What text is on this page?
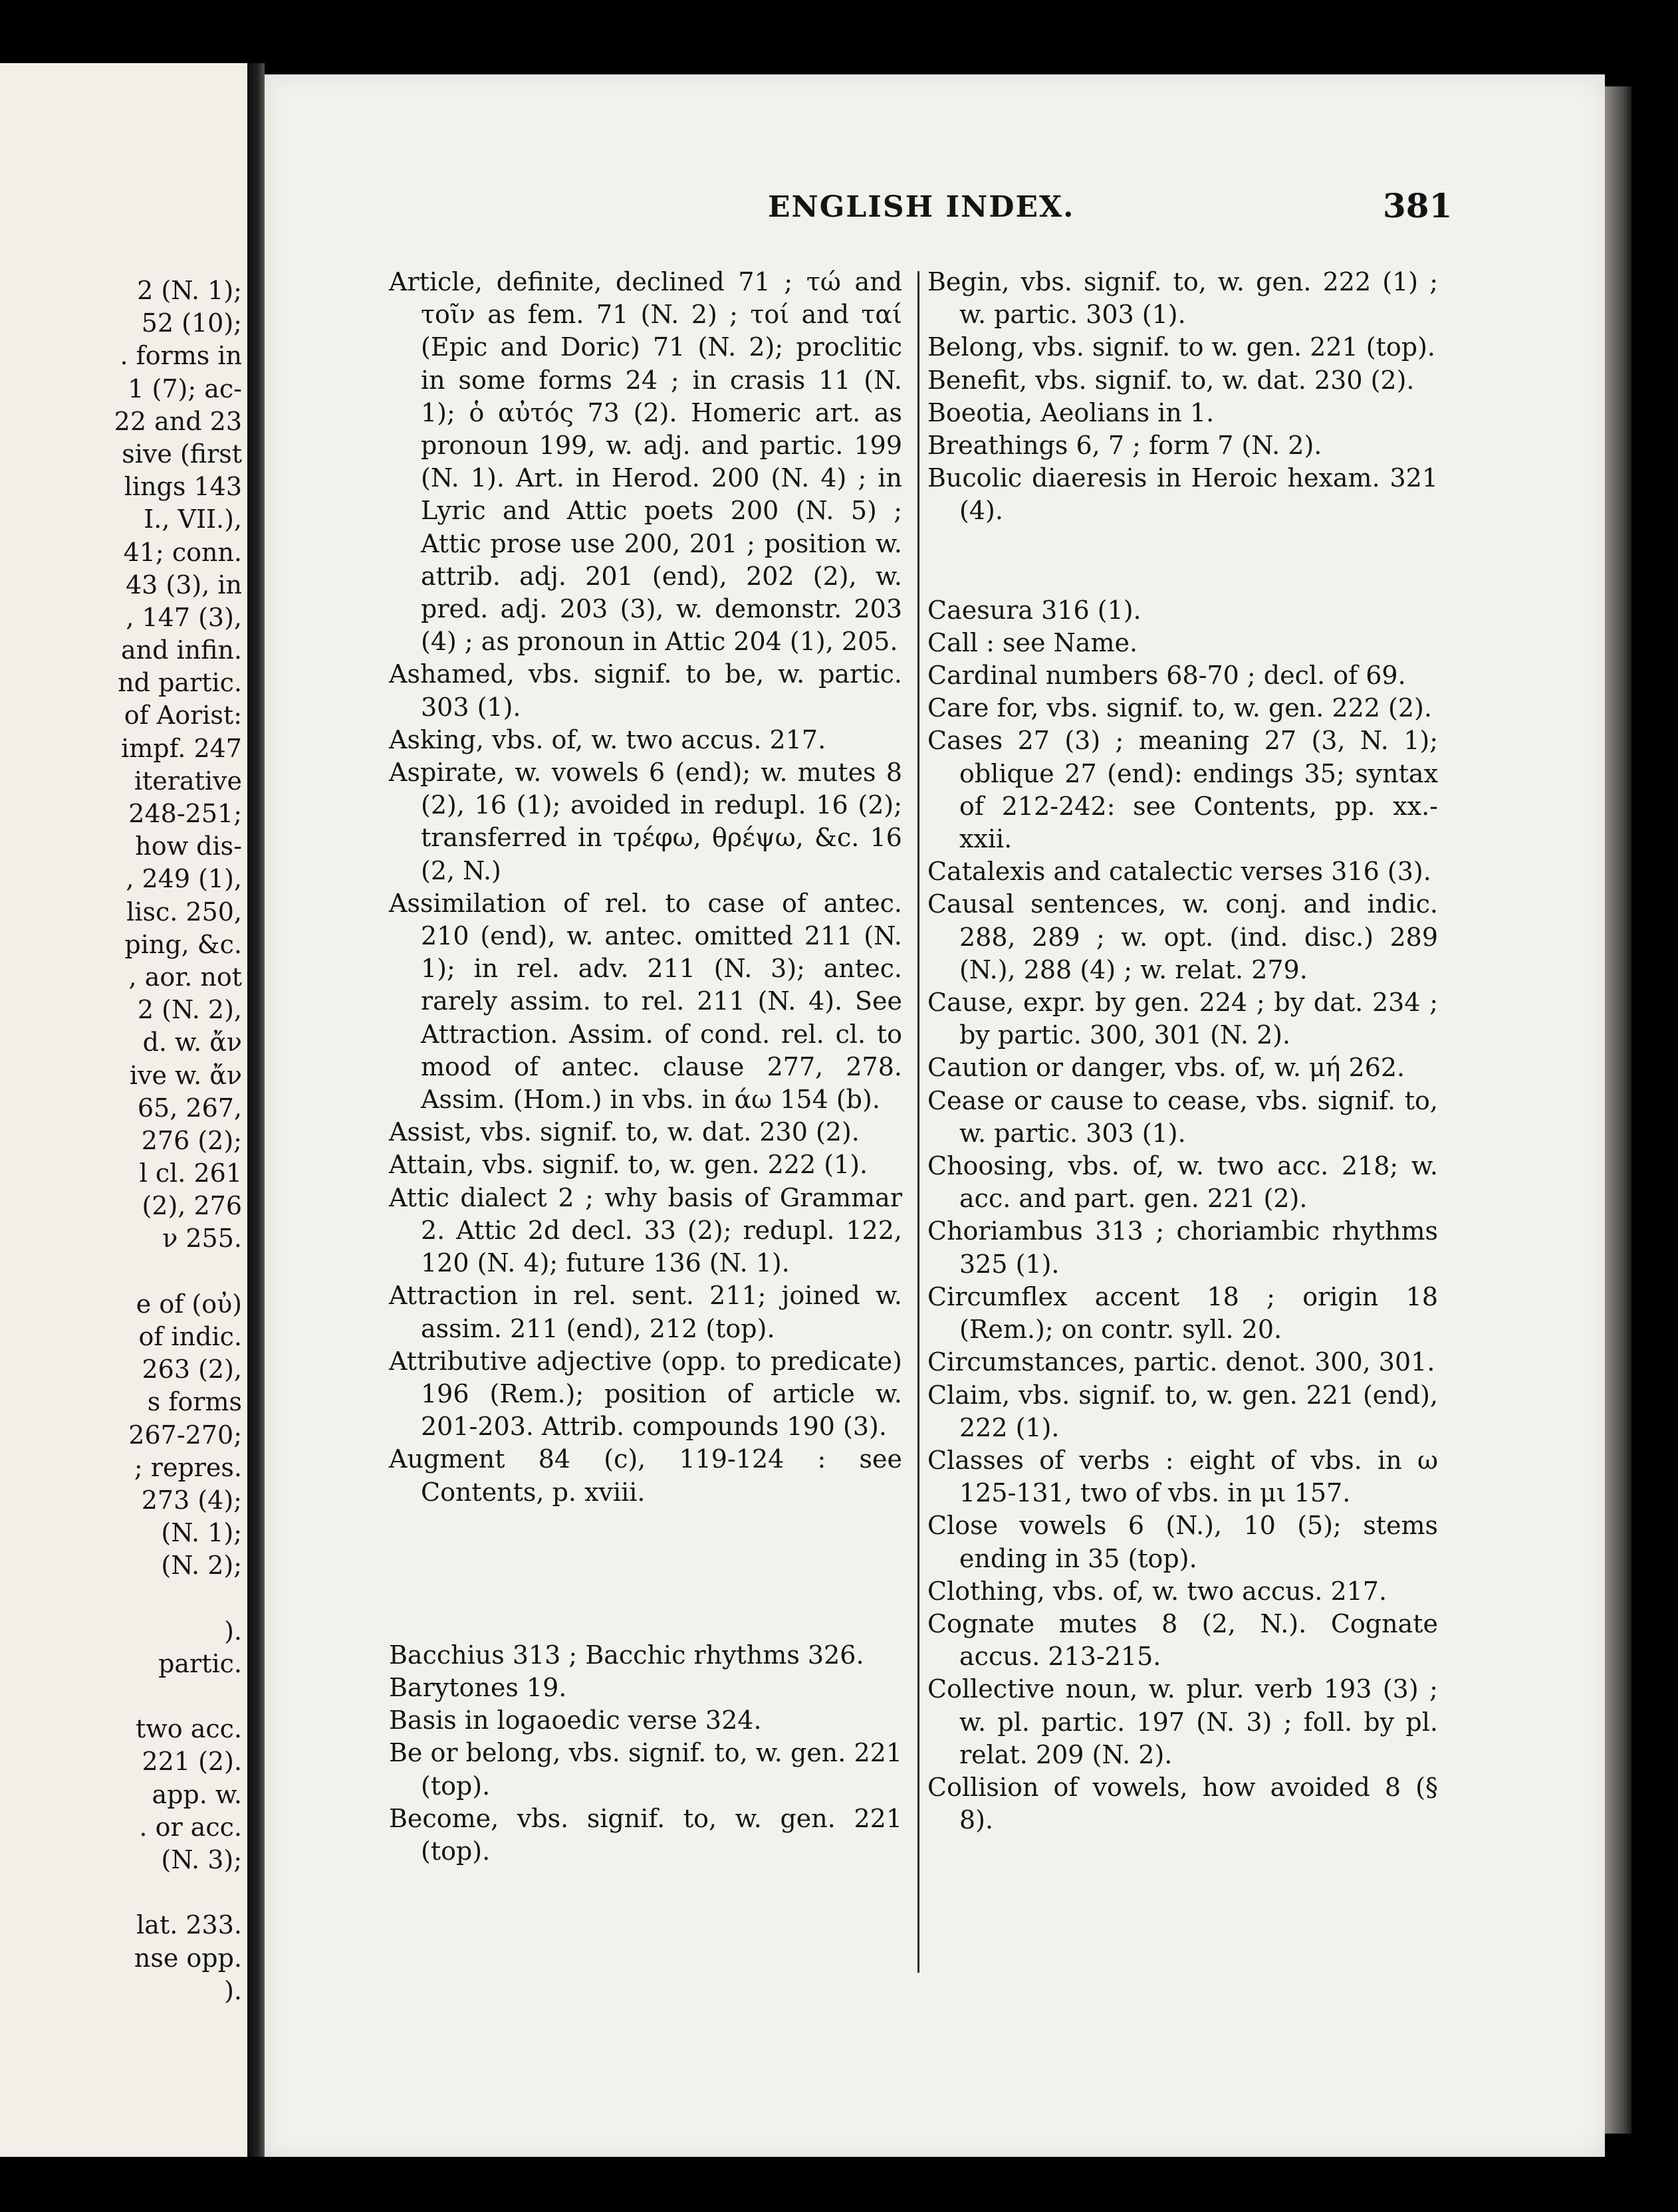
2 (N. 1);
52 (10);
. forms in
1 (7); ac-
22 and 23
sive (first
lings 143
I., VII.),
41; conn.
43 (3), in
, 147 (3),
and infin.
nd partic.
of Aorist:
impf. 247
iterative
248-251;
how dis-
, 249 (1),
lisc. 250,
ping, &c.
, aor. not
2 (N. 2),
d. w. ἄν
ive w. ἄν
65, 267,
276 (2);
l cl. 261
(2), 276
ν 255.
e of (οὐ)
of indic.
263 (2),
s forms
267-270;
; repres.
273 (4);
(N. 1);
(N. 2);
).
partic.
two acc.
221 (2).
app. w.
. or acc.
(N. 3);
lat. 233.
nse opp.
).
ENGLISH INDEX.	381

Article, definite, declined 71 ; τώ and τοῖν as fem. 71 (N. 2) ; τοί and ταί (Epic and Doric) 71 (N. 2); proclitic in some forms 24 ; in crasis 11 (N. 1); ὁ αὐτός 73 (2). Homeric art. as pronoun 199, w. adj. and partic. 199 (N. 1). Art. in Herod. 200 (N. 4) ; in Lyric and Attic poets 200 (N. 5) ; Attic prose use 200, 201 ; position w. attrib. adj. 201 (end), 202 (2), w. pred. adj. 203 (3), w. demonstr. 203 (4) ; as pronoun in Attic 204 (1), 205.

Ashamed, vbs. signif. to be, w. partic. 303 (1).

Asking, vbs. of, w. two accus. 217.

Aspirate, w. vowels 6 (end); w. mutes 8 (2), 16 (1); avoided in redupl. 16 (2); transferred in τρέφω, θρέψω, &c. 16 (2, N.)

Assimilation of rel. to case of antec. 210 (end), w. antec. omitted 211 (N. 1); in rel. adv. 211 (N. 3); antec. rarely assim. to rel. 211 (N. 4). See Attraction. Assim. of cond. rel. cl. to mood of antec. clause 277, 278. Assim. (Hom.) in vbs. in άω 154 (b).

Assist, vbs. signif. to, w. dat. 230 (2).

Attain, vbs. signif. to, w. gen. 222 (1).

Attic dialect 2 ; why basis of Grammar 2. Attic 2d decl. 33 (2); redupl. 122, 120 (N. 4); future 136 (N. 1).

Attraction in rel. sent. 211; joined w. assim. 211 (end), 212 (top).

Attributive adjective (opp. to predicate) 196 (Rem.); position of article w. 201-203. Attrib. compounds 190 (3).

Augment 84 (c), 119-124 : see Contents, p. xviii.

Bacchius 313 ; Bacchic rhythms 326.

Barytones 19.

Basis in logaoedic verse 324.

Be or belong, vbs. signif. to, w. gen. 221 (top).

Become, vbs. signif. to, w. gen. 221 (top).

Begin, vbs. signif. to, w. gen. 222 (1) ; w. partic. 303 (1).

Belong, vbs. signif. to w. gen. 221 (top).

Benefit, vbs. signif. to, w. dat. 230 (2).

Boeotia, Aeolians in 1.

Breathings 6, 7 ; form 7 (N. 2).

Bucolic diaeresis in Heroic hexam. 321 (4).

Caesura 316 (1).

Call : see Name.

Cardinal numbers 68-70 ; decl. of 69.

Care for, vbs. signif. to, w. gen. 222 (2).

Cases 27 (3) ; meaning 27 (3, N. 1); oblique 27 (end): endings 35; syntax of 212-242: see Contents, pp. xx.-xxii.

Catalexis and catalectic verses 316 (3).

Causal sentences, w. conj. and indic. 288, 289 ; w. opt. (ind. disc.) 289 (N.), 288 (4) ; w. relat. 279.

Cause, expr. by gen. 224 ; by dat. 234 ; by partic. 300, 301 (N. 2).

Caution or danger, vbs. of, w. μή 262.

Cease or cause to cease, vbs. signif. to, w. partic. 303 (1).

Choosing, vbs. of, w. two acc. 218; w. acc. and part. gen. 221 (2).

Choriambus 313 ; choriambic rhythms 325 (1).

Circumflex accent 18 ; origin 18 (Rem.); on contr. syll. 20.

Circumstances, partic. denot. 300, 301.

Claim, vbs. signif. to, w. gen. 221 (end), 222 (1).

Classes of verbs : eight of vbs. in ω 125-131, two of vbs. in μι 157.

Close vowels 6 (N.), 10 (5); stems ending in 35 (top).

Clothing, vbs. of, w. two accus. 217.

Cognate mutes 8 (2, N.). Cognate accus. 213-215.

Collective noun, w. plur. verb 193 (3) ; w. pl. partic. 197 (N. 3) ; foll. by pl. relat. 209 (N. 2).

Collision of vowels, how avoided 8 (§ 8).
